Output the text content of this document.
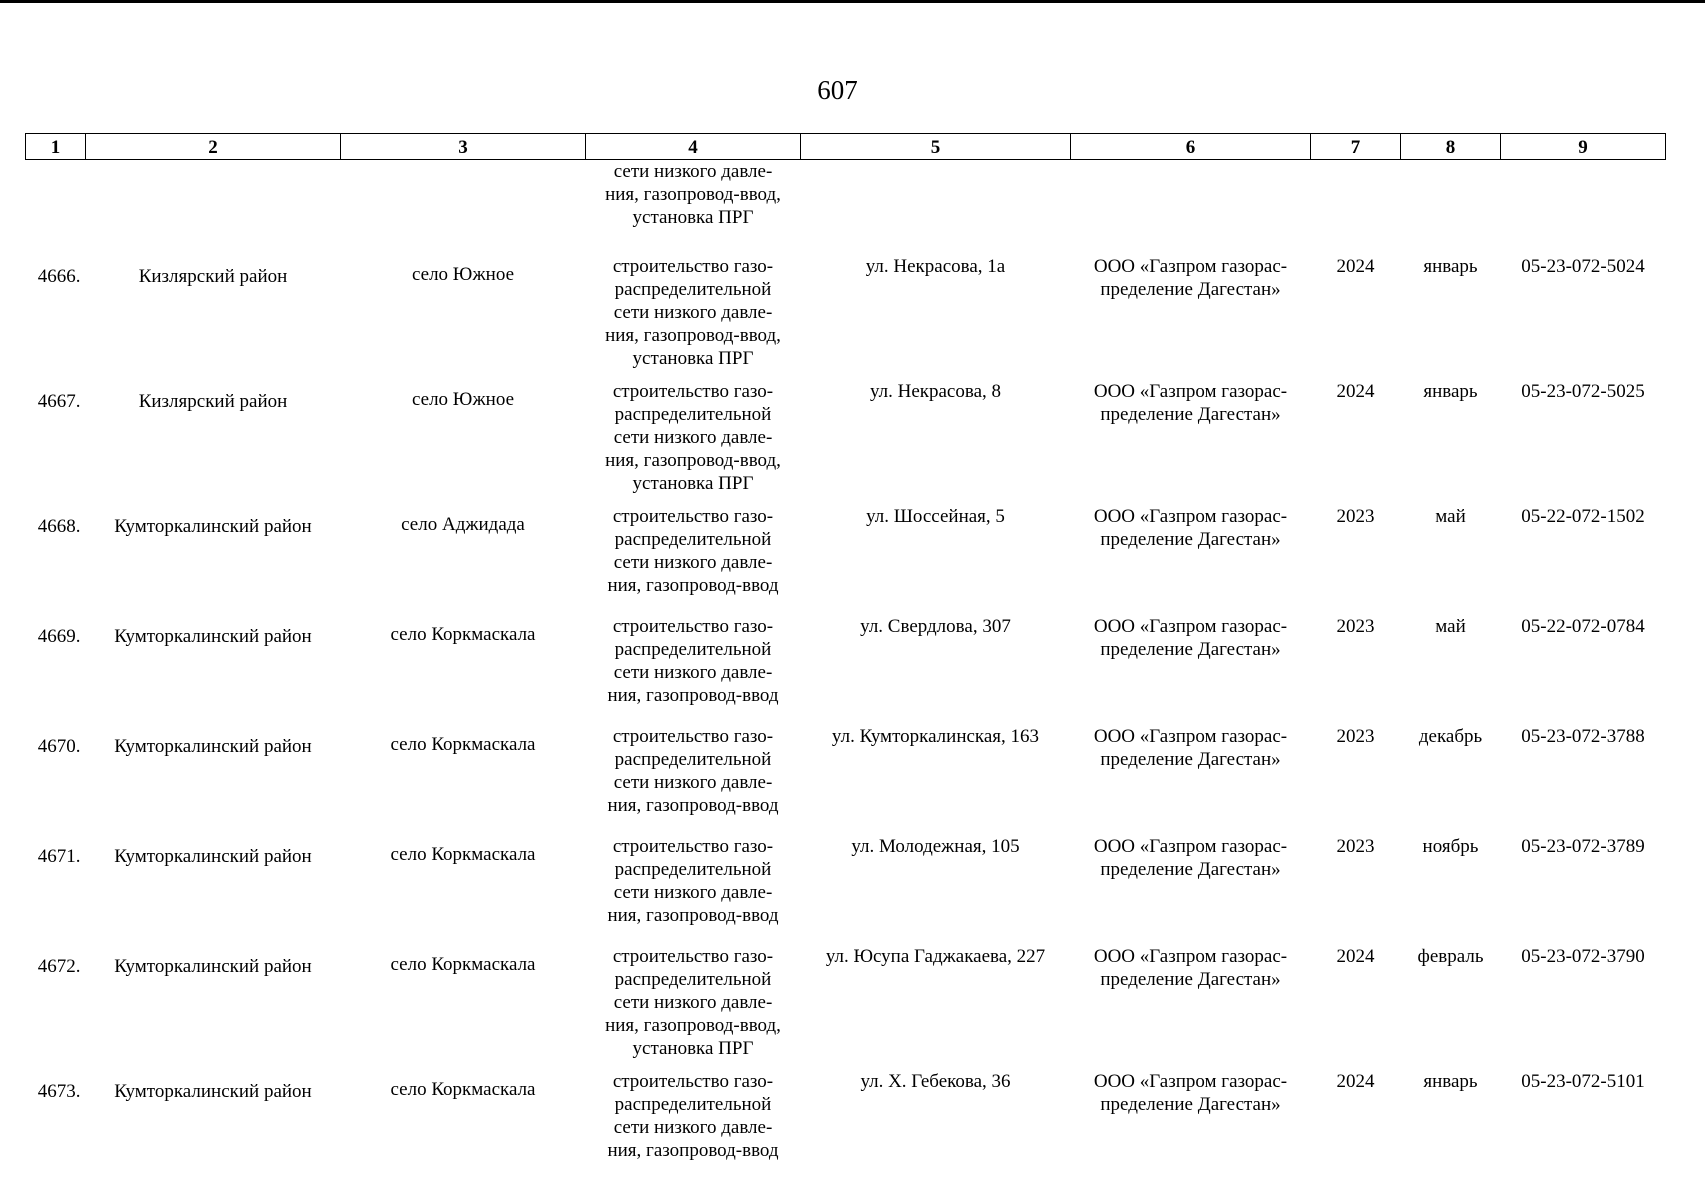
607
1	2	3	4	5	6	7	8	9

			сети низкого давле-
ния, газопровод-ввод,
установка ПРГ					

4666.	Кизлярский район	село Южное	строительство газо-
распределительной
сети низкого давле-
ния, газопровод-ввод,
установка ПРГ	ул. Некрасова, 1а	ООО «Газпром газорас-
пределение Дагестан»	2024	январь	05-23-072-5024

4667.	Кизлярский район	село Южное	строительство газо-
распределительной
сети низкого давле-
ния, газопровод-ввод,
установка ПРГ	ул. Некрасова, 8	ООО «Газпром газорас-
пределение Дагестан»	2024	январь	05-23-072-5025

4668.	Кумторкалинский район	село Аджидада	строительство газо-
распределительной
сети низкого давле-
ния, газопровод-ввод	ул. Шоссейная, 5	ООО «Газпром газорас-
пределение Дагестан»	2023	май	05-22-072-1502

4669.	Кумторкалинский район	село Коркмаскала	строительство газо-
распределительной
сети низкого давле-
ния, газопровод-ввод	ул. Свердлова, 307	ООО «Газпром газорас-
пределение Дагестан»	2023	май	05-22-072-0784

4670.	Кумторкалинский район	село Коркмаскала	строительство газо-
распределительной
сети низкого давле-
ния, газопровод-ввод	ул. Кумторкалинская, 163	ООО «Газпром газорас-
пределение Дагестан»	2023	декабрь	05-23-072-3788

4671.	Кумторкалинский район	село Коркмаскала	строительство газо-
распределительной
сети низкого давле-
ния, газопровод-ввод	ул. Молодежная, 105	ООО «Газпром газорас-
пределение Дагестан»	2023	ноябрь	05-23-072-3789

4672.	Кумторкалинский район	село Коркмаскала	строительство газо-
распределительной
сети низкого давле-
ния, газопровод-ввод,
установка ПРГ	ул. Юсупа Гаджакаева, 227	ООО «Газпром газорас-
пределение Дагестан»	2024	февраль	05-23-072-3790

4673.	Кумторкалинский район	село Коркмаскала	строительство газо-
распределительной
сети низкого давле-
ния, газопровод-ввод	ул. Х. Гебекова, 36	ООО «Газпром газорас-
пределение Дагестан»	2024	январь	05-23-072-5101
